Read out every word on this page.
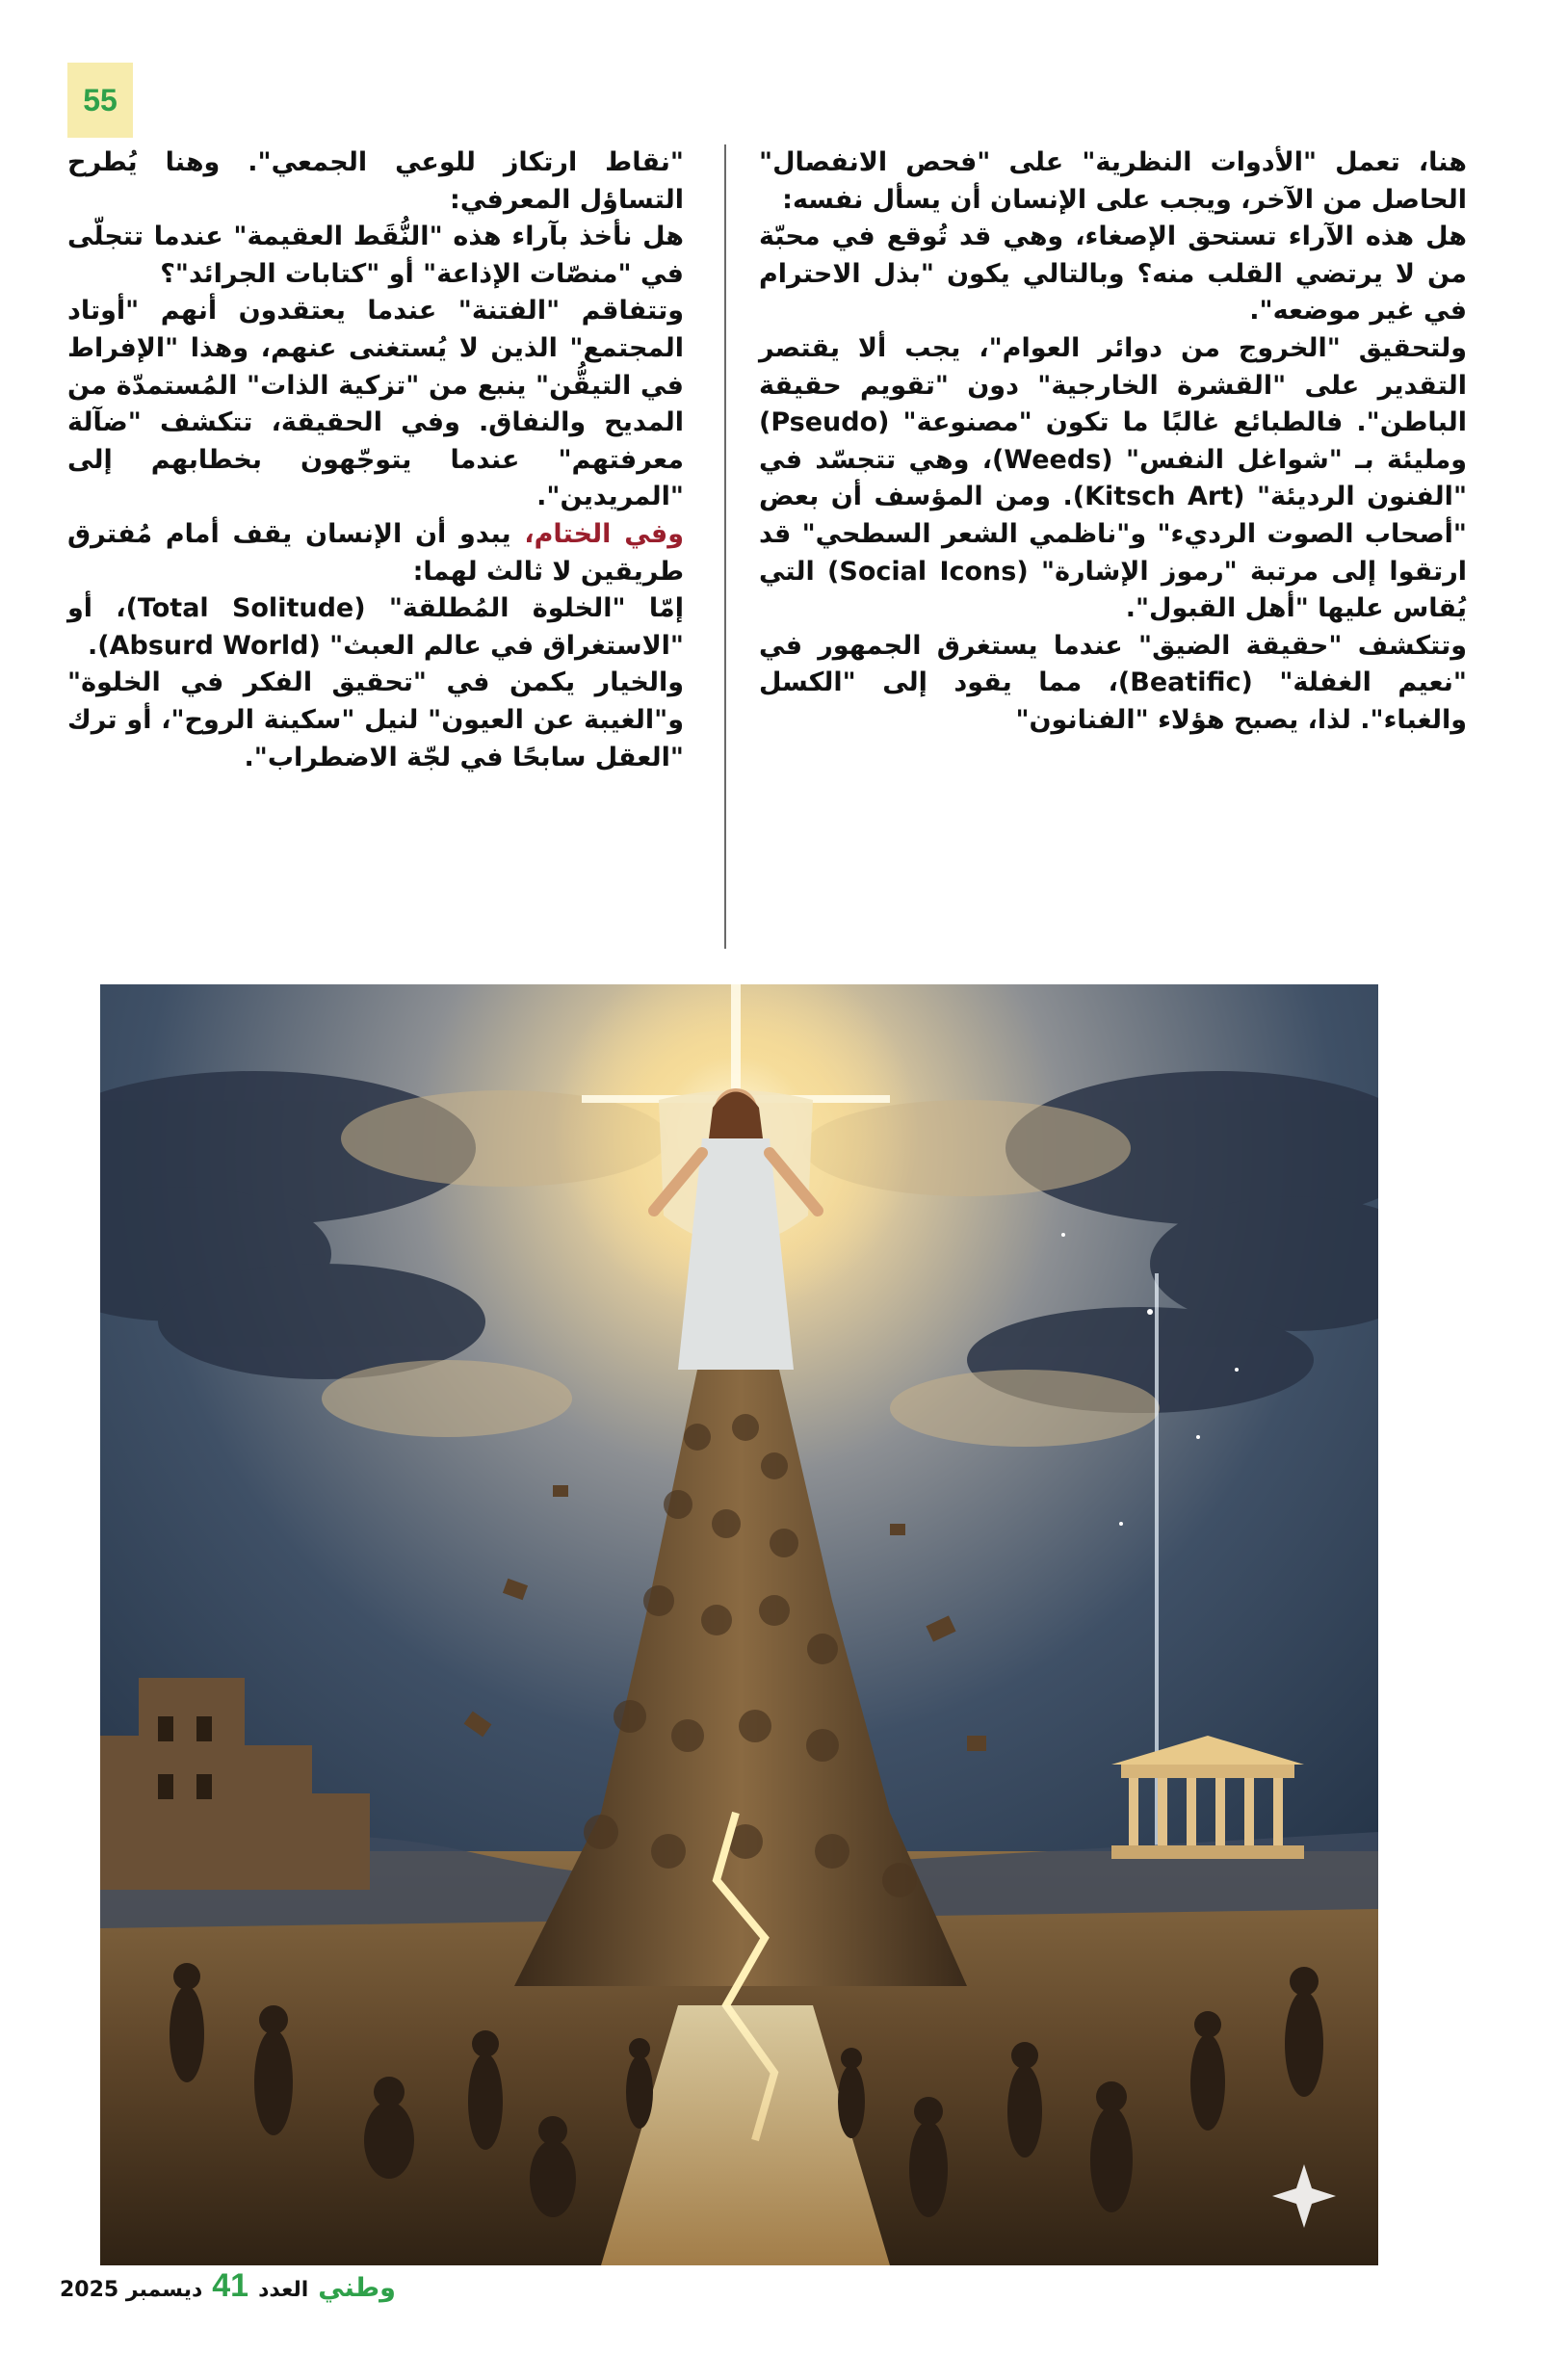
55

هنا، تعمل "الأدوات النظرية" على "فحص الانفصال" الحاصل من الآخر، ويجب على الإنسان أن يسأل نفسه:

هل هذه الآراء تستحق الإصغاء، وهي قد تُوقع في محبّة من لا يرتضي القلب منه؟ وبالتالي يكون "بذل الاحترام في غير موضعه".

ولتحقيق "الخروج من دوائر العوام"، يجب ألا يقتصر التقدير على "القشرة الخارجية" دون "تقويم حقيقة الباطن". فالطبائع غالبًا ما تكون "مصنوعة" (Pseudo) ومليئة بـ "شواغل النفس" (Weeds)، وهي تتجسّد في "الفنون الرديئة" (Kitsch Art). ومن المؤسف أن بعض "أصحاب الصوت الرديء" و"ناظمي الشعر السطحي" قد ارتقوا إلى مرتبة "رموز الإشارة" (Social Icons) التي يُقاس عليها "أهل القبول".

وتتكشف "حقيقة الضيق" عندما يستغرق الجمهور في "نعيم الغفلة" (Beatific)، مما يقود إلى "الكسل والغباء". لذا، يصبح هؤلاء "الفنانون"

"نقاط ارتكاز للوعي الجمعي". وهنا يُطرح التساؤل المعرفي:

هل نأخذ بآراء هذه "النُّقَط العقيمة" عندما تتجلّى في "منصّات الإذاعة" أو "كتابات الجرائد"؟

وتتفاقم "الفتنة" عندما يعتقدون أنهم "أوتاد المجتمع" الذين لا يُستغنى عنهم، وهذا "الإفراط في التيقُّن" ينبع من "تزكية الذات" المُستمدّة من المديح والنفاق. وفي الحقيقة، تتكشف "ضآلة معرفتهم" عندما يتوجّهون بخطابهم إلى "المريدين".

وفي الختام، يبدو أن الإنسان يقف أمام مُفترق طريقين لا ثالث لهما:

إمّا "الخلوة المُطلقة" (Total Solitude)، أو "الاستغراق في عالم العبث" (Absurd World).

والخيار يكمن في "تحقيق الفكر في الخلوة" و"الغيبة عن العيون" لنيل "سكينة الروح"، أو ترك "العقل سابحًا في لجّة الاضطراب".

وطني
العدد
41
ديسمبر 2025
